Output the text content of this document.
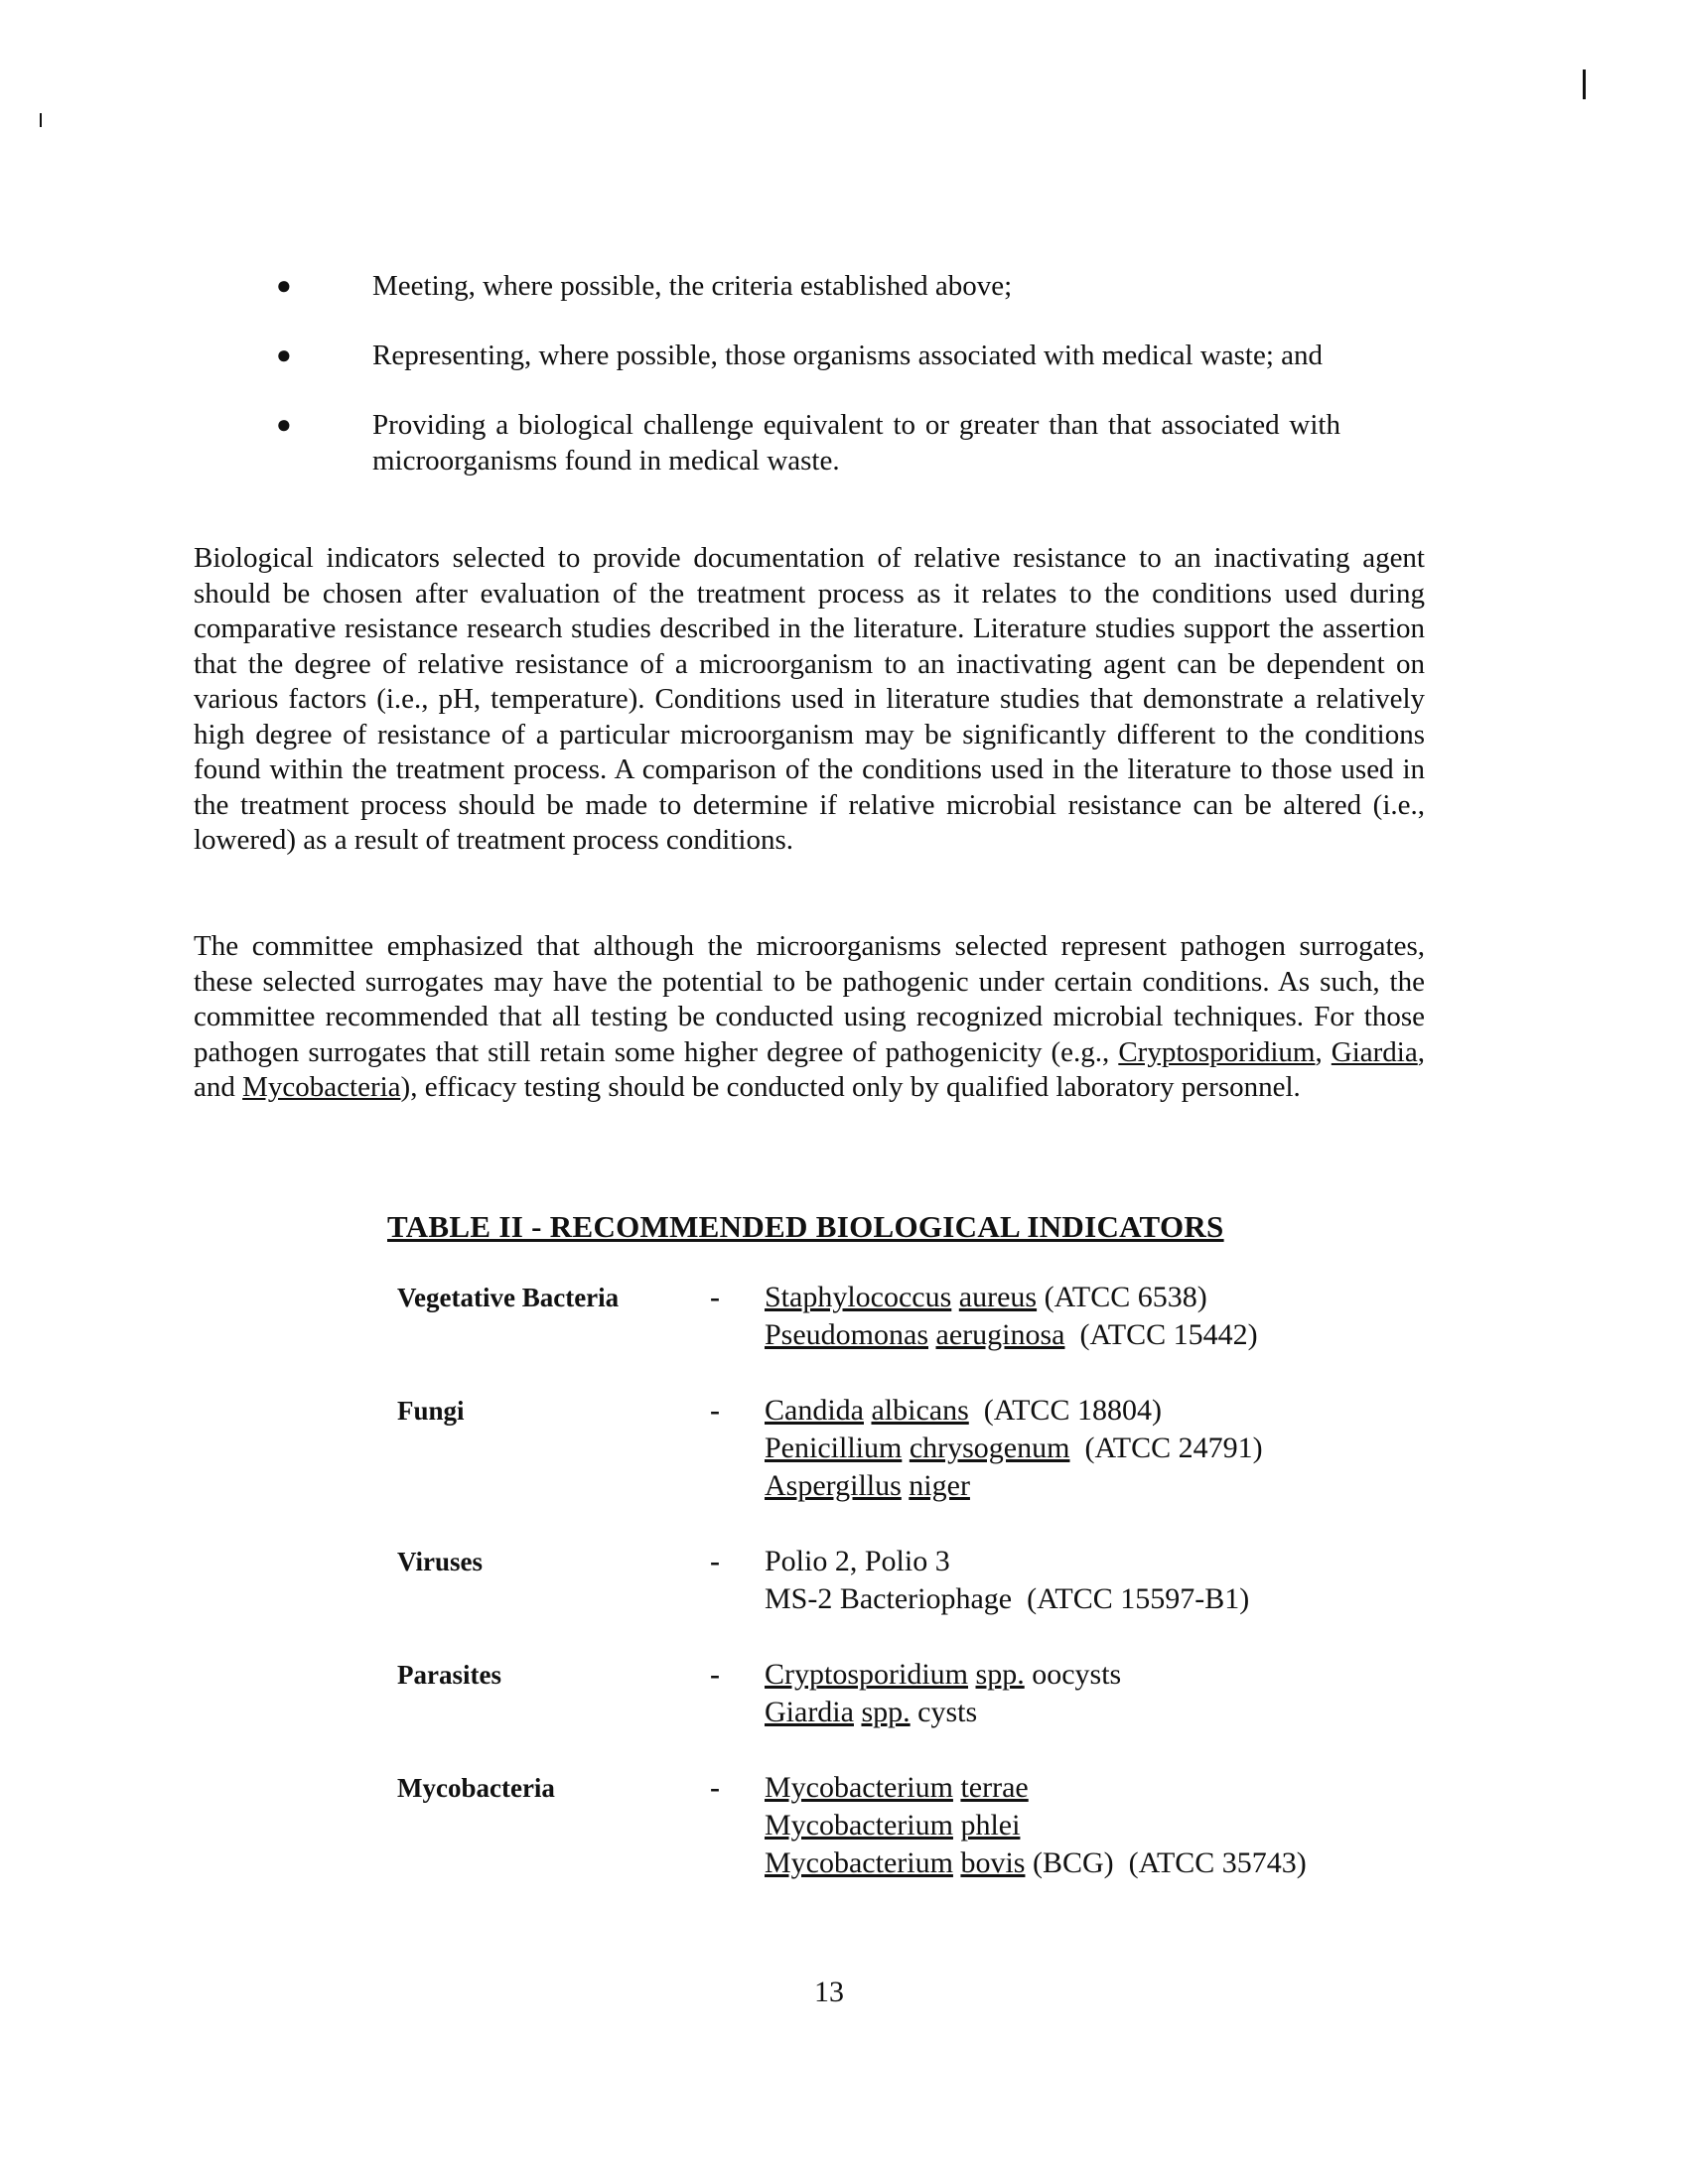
●	Meeting, where possible, the criteria established above;
●	Representing, where possible, those organisms associated with medical waste; and
●	Providing a biological challenge equivalent to or greater than that associated with microorganisms found in medical waste.
Biological indicators selected to provide documentation of relative resistance to an inactivating agent should be chosen after evaluation of the treatment process as it relates to the conditions used during comparative resistance research studies described in the literature. Literature studies support the assertion that the degree of relative resistance of a microorganism to an inactivating agent can be dependent on various factors (i.e., pH, temperature). Conditions used in literature studies that demonstrate a relatively high degree of resistance of a particular microorganism may be significantly different to the conditions found within the treatment process. A comparison of the conditions used in the literature to those used in the treatment process should be made to determine if relative microbial resistance can be altered (i.e., lowered) as a result of treatment process conditions.
The committee emphasized that although the microorganisms selected represent pathogen surrogates, these selected surrogates may have the potential to be pathogenic under certain conditions. As such, the committee recommended that all testing be conducted using recognized microbial techniques. For those pathogen surrogates that still retain some higher degree of pathogenicity (e.g., Cryptosporidium, Giardia, and Mycobacteria), efficacy testing should be conducted only by qualified laboratory personnel.
TABLE II - RECOMMENDED BIOLOGICAL INDICATORS
Vegetative Bacteria	-	Staphylococcus aureus (ATCC 6538)
Pseudomonas aeruginosa  (ATCC 15442)
Fungi	-	Candida albicans  (ATCC 18804)
Penicillium chrysogenum  (ATCC 24791)
Aspergillus niger
Viruses	-	Polio 2, Polio 3
MS-2 Bacteriophage  (ATCC 15597-B1)
Parasites	-	Cryptosporidium spp. oocysts
Giardia spp. cysts
Mycobacteria	-	Mycobacterium terrae
Mycobacterium phlei
Mycobacterium bovis (BCG)  (ATCC 35743)
13
